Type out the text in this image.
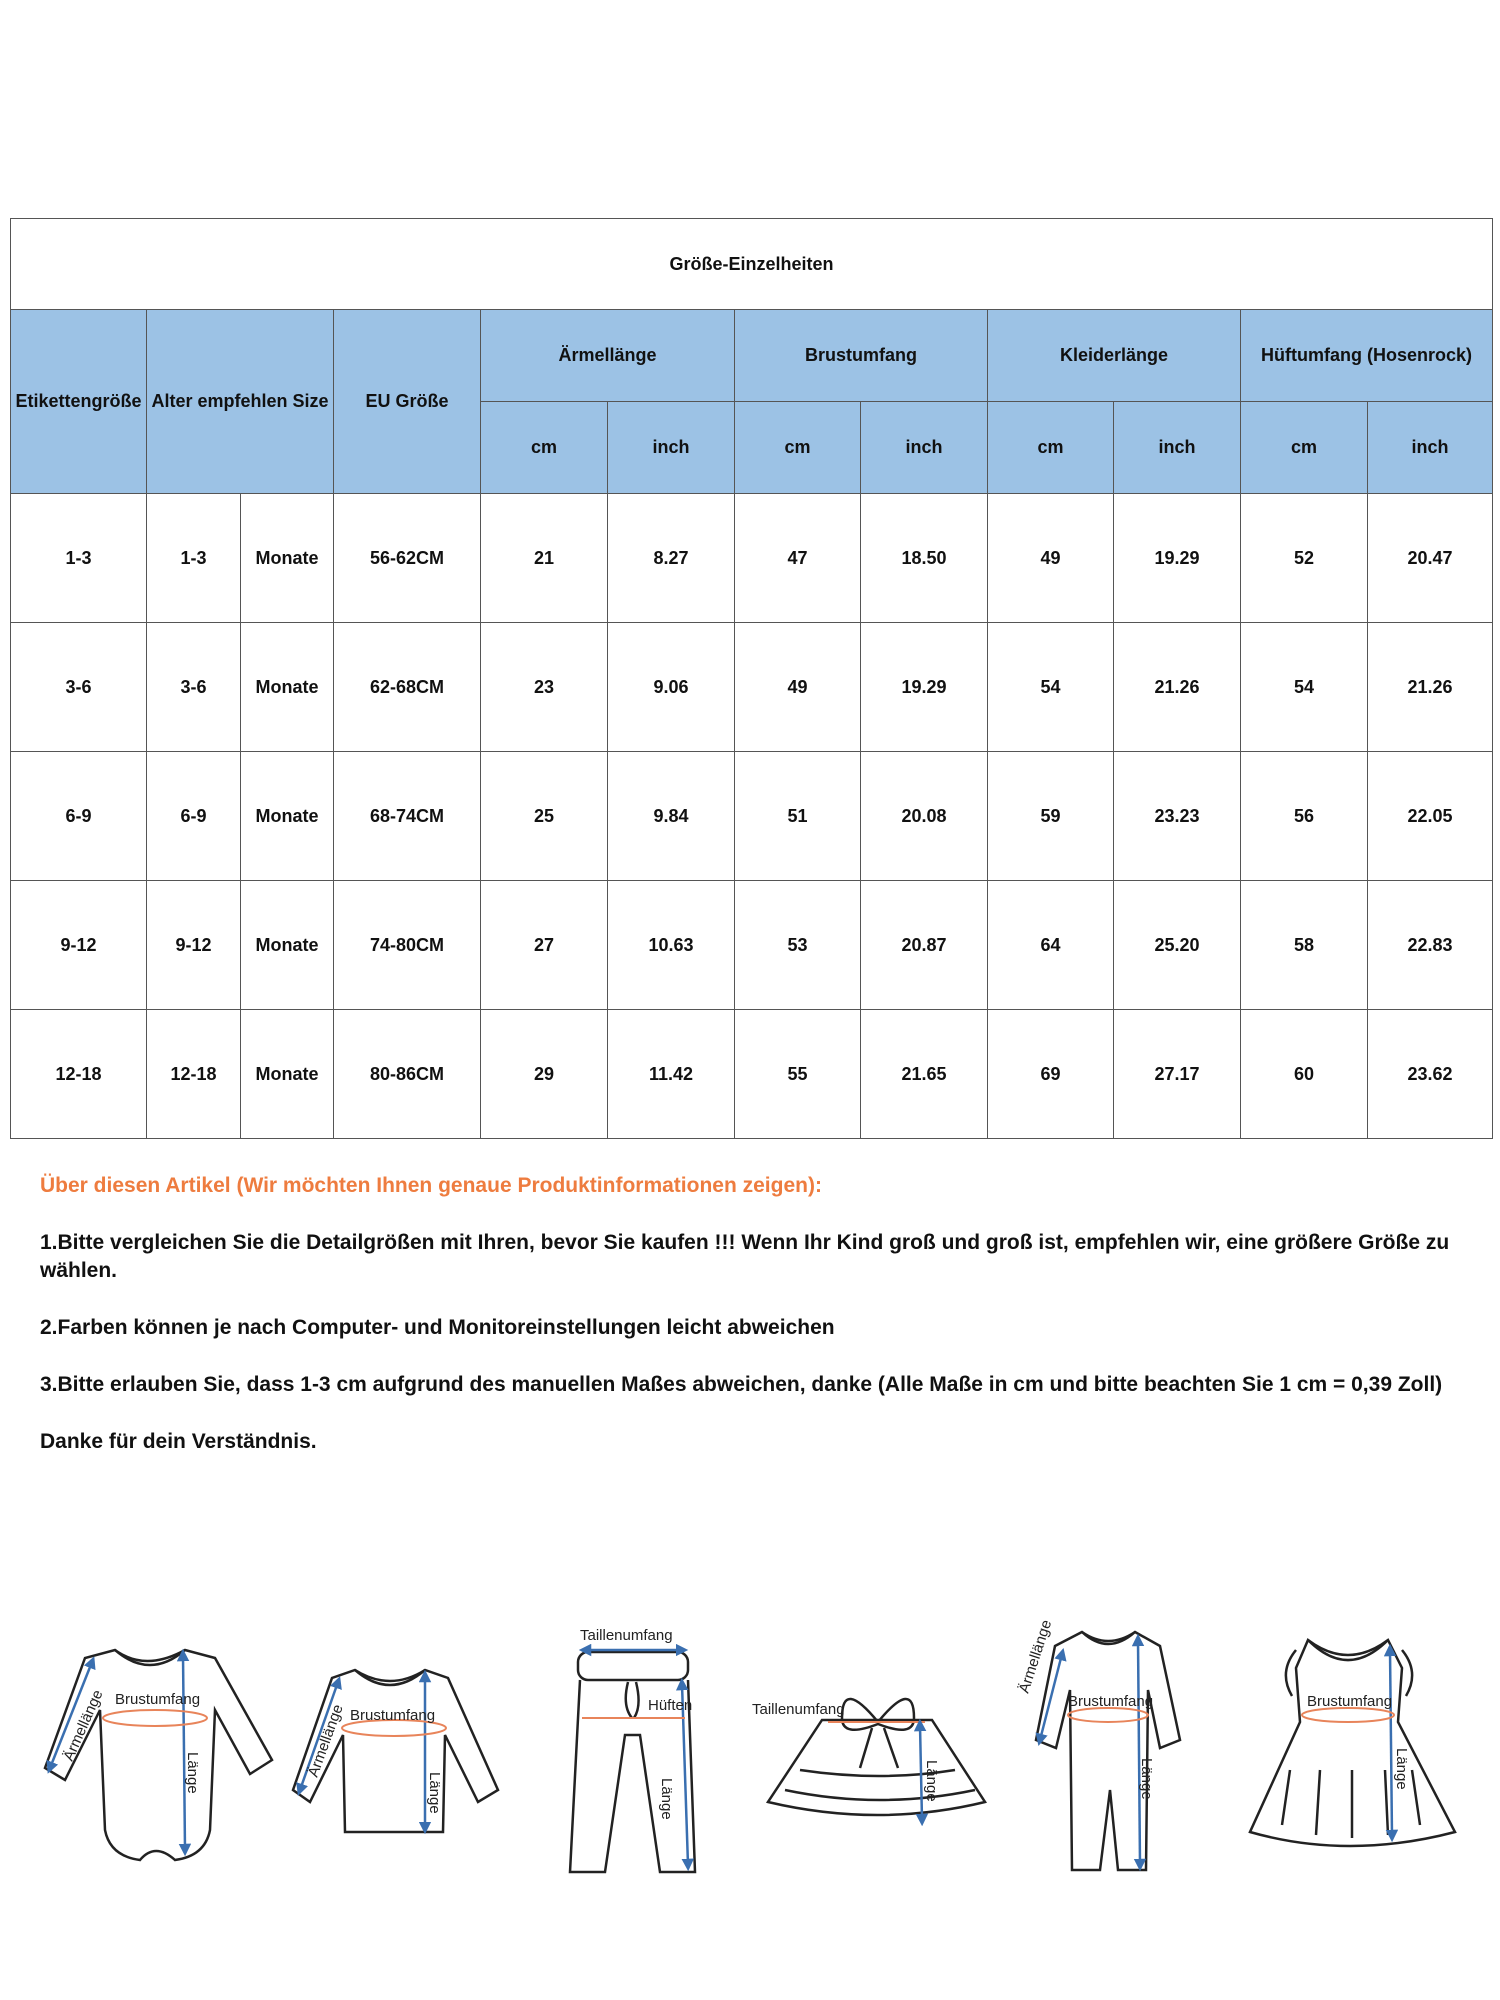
Größe-Einzelheiten											
Etikettengröße	Alter empfehlen Size		EU Größe	Ärmellänge		Brustumfang		Kleiderlänge		Hüftumfang (Hosenrock)	
				cm	inch	cm	inch	cm	inch	cm	inch
1-3	1-3	Monate	56-62CM	21	8.27	47	18.50	49	19.29	52	20.47
3-6	3-6	Monate	62-68CM	23	9.06	49	19.29	54	21.26	54	21.26
6-9	6-9	Monate	68-74CM	25	9.84	51	20.08	59	23.23	56	22.05
9-12	9-12	Monate	74-80CM	27	10.63	53	20.87	64	25.20	58	22.83
12-18	12-18	Monate	80-86CM	29	11.42	55	21.65	69	27.17	60	23.62

Über diesen Artikel (Wir möchten Ihnen genaue Produktinformationen zeigen):

1.Bitte vergleichen Sie die Detailgrößen mit Ihren, bevor Sie kaufen !!! Wenn Ihr Kind groß und groß ist, empfehlen wir, eine größere Größe zu wählen.

2.Farben können je nach Computer- und Monitoreinstellungen leicht abweichen

3.Bitte erlauben Sie, dass 1-3 cm aufgrund des manuellen Maßes abweichen, danke (Alle Maße in cm und bitte beachten Sie 1 cm = 0,39 Zoll)

Danke für dein Verständnis.

Ärmellänge Brustumfang
Länge	Ärmellänge Brustumfang
Länge
Taillenumfang
Hüften
Länge
Taillenumfang
Länge
Ärmellänge
Brustumfang
Länge
Brustumfang
Länge
